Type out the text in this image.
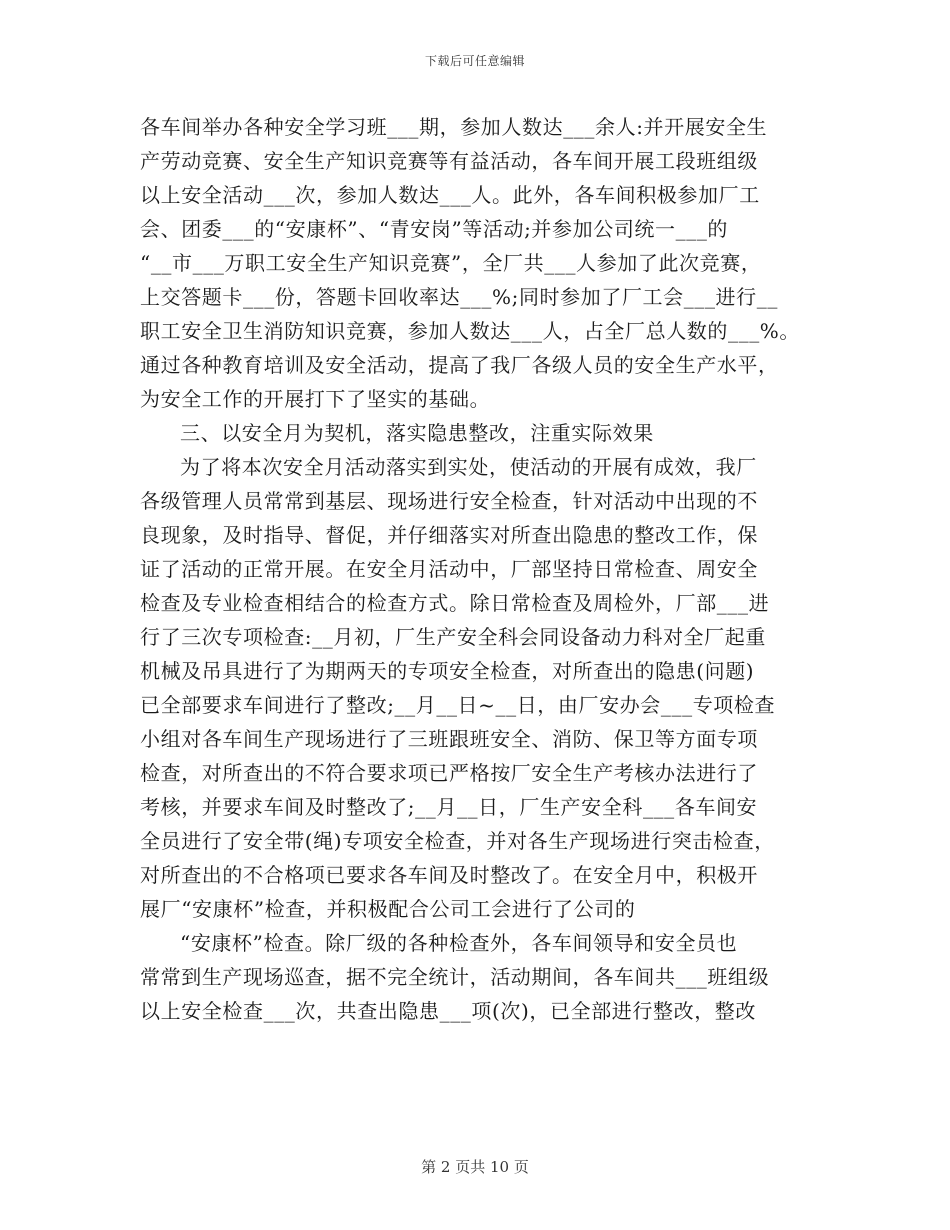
下载后可任意编辑
各车间举办各种安全学习班___期，参加人数达___余人:并开展安全生
产劳动竞赛、安全生产知识竞赛等有益活动，各车间开展工段班组级
以上安全活动___次，参加人数达___人。此外，各车间积极参加厂工
会、团委___的“安康杯”、“青安岗”等活动;并参加公司统一___的
“__市___万职工安全生产知识竞赛”，全厂共___人参加了此次竞赛，
上交答题卡___份，答题卡回收率达___%;同时参加了厂工会___进行__
职工安全卫生消防知识竞赛，参加人数达___人，占全厂总人数的___%。
通过各种教育培训及安全活动，提高了我厂各级人员的安全生产水平，
为安全工作的开展打下了坚实的基础。
三、以安全月为契机，落实隐患整改，注重实际效果
为了将本次安全月活动落实到实处，使活动的开展有成效，我厂
各级管理人员常常到基层、现场进行安全检查，针对活动中出现的不
良现象，及时指导、督促，并仔细落实对所查出隐患的整改工作，保
证了活动的正常开展。在安全月活动中，厂部坚持日常检查、周安全
检查及专业检查相结合的检查方式。除日常检查及周检外，厂部___进
行了三次专项检查:__月初，厂生产安全科会同设备动力科对全厂起重
机械及吊具进行了为期两天的专项安全检查，对所查出的隐患(问题)
已全部要求车间进行了整改;__月__日~__日，由厂安办会___专项检查
小组对各车间生产现场进行了三班跟班安全、消防、保卫等方面专项
检查，对所查出的不符合要求项已严格按厂安全生产考核办法进行了
考核，并要求车间及时整改了;__月__日，厂生产安全科___各车间安
全员进行了安全带(绳)专项安全检查，并对各生产现场进行突击检查，
对所查出的不合格项已要求各车间及时整改了。在安全月中，积极开
展厂“安康杯”检查，并积极配合公司工会进行了公司的
“安康杯”检查。除厂级的各种检查外，各车间领导和安全员也
常常到生产现场巡查，据不完全统计，活动期间，各车间共___班组级
以上安全检查___次，共查出隐患___项(次)，已全部进行整改，整改
第 2 页共 10 页
